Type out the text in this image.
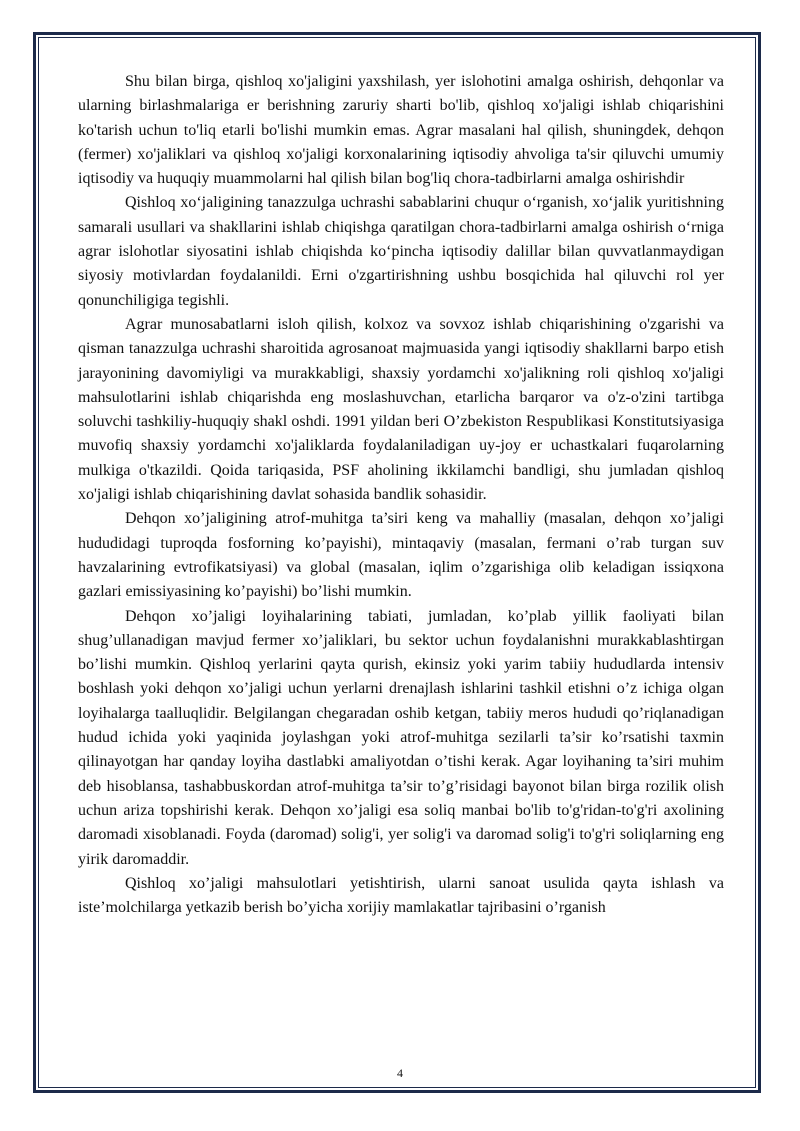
Shu bilan birga, qishloq xo'jaligini yaxshilash, yer islohotini amalga oshirish, dehqonlar va ularning birlashmalariga er berishning zaruriy sharti bo'lib, qishloq xo'jaligi ishlab chiqarishini ko'tarish uchun to'liq etarli bo'lishi mumkin emas. Agrar masalani hal qilish, shuningdek, dehqon (fermer) xo'jaliklari va qishloq xo'jaligi korxonalarining iqtisodiy ahvoliga ta'sir qiluvchi umumiy iqtisodiy va huquqiy muammolarni hal qilish bilan bog'liq chora-tadbirlarni amalga oshirishdir

Qishloq xo‘jaligining tanazzulga uchrashi sabablarini chuqur o‘rganish, xo‘jalik yuritishning samarali usullari va shakllarini ishlab chiqishga qaratilgan chora-tadbirlarni amalga oshirish o‘rniga agrar islohotlar siyosatini ishlab chiqishda ko‘pincha iqtisodiy dalillar bilan quvvatlanmaydigan siyosiy motivlardan foydalanildi. Erni o'zgartirishning ushbu bosqichida hal qiluvchi rol yer qonunchiligiga tegishli.

Agrar munosabatlarni isloh qilish, kolxoz va sovxoz ishlab chiqarishining o'zgarishi va qisman tanazzulga uchrashi sharoitida agrosanoat majmuasida yangi iqtisodiy shakllarni barpo etish jarayonining davomiyligi va murakkabligi, shaxsiy yordamchi xo'jalikning roli qishloq xo'jaligi mahsulotlarini ishlab chiqarishda eng moslashuvchan, etarlicha barqaror va o'z-o'zini tartibga soluvchi tashkiliy-huquqiy shakl oshdi. 1991 yildan beri O’zbekiston Respublikasi Konstitutsiyasiga muvofiq shaxsiy yordamchi xo'jaliklarda foydalaniladigan uy-joy er uchastkalari fuqarolarning mulkiga o'tkazildi. Qoida tariqasida, PSF aholining ikkilamchi bandligi, shu jumladan qishloq xo'jaligi ishlab chiqarishining davlat sohasida bandlik sohasidir.

Dehqon xo’jaligining atrof-muhitga ta’siri keng va mahalliy (masalan, dehqon xo’jaligi hududidagi tuproqda fosforning ko’payishi), mintaqaviy (masalan, fermani o’rab turgan suv havzalarining evtrofikatsiyasi) va global (masalan, iqlim o’zgarishiga olib keladigan issiqxona gazlari emissiyasining ko’payishi) bo’lishi mumkin.

Dehqon xo’jaligi loyihalarining tabiati, jumladan, ko’plab yillik faoliyati bilan shug’ullanadigan mavjud fermer xo’jaliklari, bu sektor uchun foydalanishni murakkablashtirgan bo’lishi mumkin. Qishloq yerlarini qayta qurish, ekinsiz yoki yarim tabiiy hududlarda intensiv boshlash yoki dehqon xo’jaligi uchun yerlarni drenajlash ishlarini tashkil etishni o’z ichiga olgan loyihalarga taalluqlidir. Belgilangan chegaradan oshib ketgan, tabiiy meros hududi qo’riqlanadigan hudud ichida yoki yaqinida joylashgan yoki atrof-muhitga sezilarli ta’sir ko’rsatishi taxmin qilinayotgan har qanday loyiha dastlabki amaliyotdan o’tishi kerak. Agar loyihaning ta’siri muhim deb hisoblansa, tashabbuskordan atrof-muhitga ta’sir to’g’risidagi bayonot bilan birga rozilik olish uchun ariza topshirishi kerak. Dehqon xo’jaligi esa soliq manbai bo'lib to'g'ridan-to'g'ri axolining daromadi xisoblanadi. Foyda (daromad) solig'i, yer solig'i va daromad solig'i to'g'ri soliqlarning eng yirik daromaddir.

Qishloq xo’jaligi mahsulotlari yetishtirish, ularni sanoat usulida qayta ishlash va iste’molchilarga yetkazib berish bo’yicha xorijiy mamlakatlar tajribasini o’rganish

4
